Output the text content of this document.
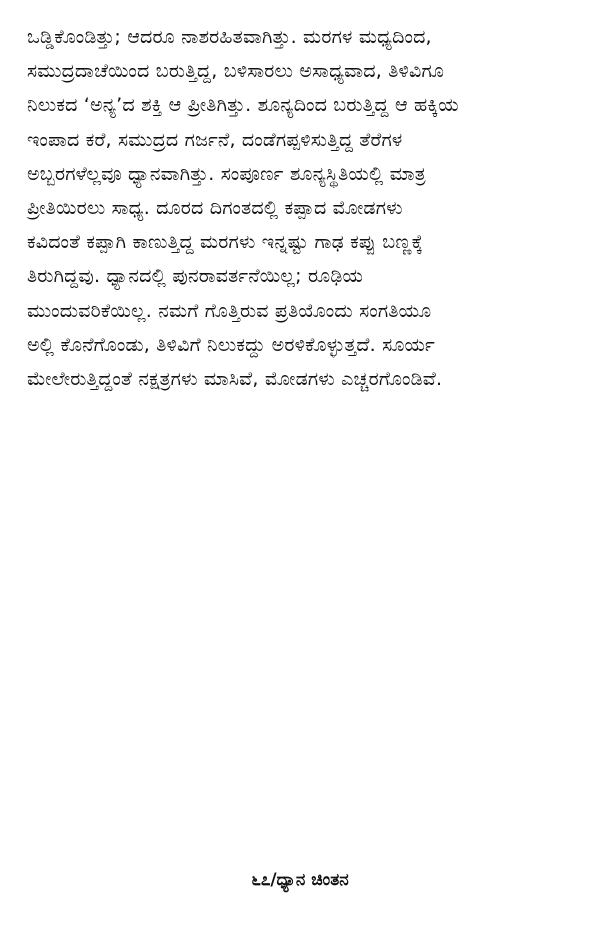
ಒಡ್ಡಿಕೊಂಡಿತ್ತು; ಆದರೂ ನಾಶರಹಿತವಾಗಿತ್ತು. ಮರಗಳ ಮಧ್ಯದಿಂದ,
ಸಮುದ್ರದಾಚೆಯಿಂದ ಬರುತ್ತಿದ್ದ, ಬಳಿಸಾರಲು ಅಸಾಧ್ಯವಾದ, ತಿಳಿವಿಗೂ
ನಿಲುಕದ ‘ಅನ್ಯ’ದ ಶಕ್ತಿ ಆ ಪ್ರೀತಿಗಿತ್ತು. ಶೂನ್ಯದಿಂದ ಬರುತ್ತಿದ್ದ ಆ ಹಕ್ಕಿಯ
ಇಂಪಾದ ಕರೆ, ಸಮುದ್ರದ ಗರ್ಜನೆ, ದಂಡೆಗಪ್ಪಳಿಸುತ್ತಿದ್ದ ತೆರೆಗಳ
ಅಬ್ಬರಗಳೆಲ್ಲವೂ ಧ್ಯಾನವಾಗಿತ್ತು. ಸಂಪೂರ್ಣ ಶೂನ್ಯಸ್ಥಿತಿಯಲ್ಲಿ ಮಾತ್ರ
ಪ್ರೀತಿಯಿರಲು ಸಾಧ್ಯ. ದೂರದ ದಿಗಂತದಲ್ಲಿ ಕಪ್ಪಾದ ಮೋಡಗಳು
ಕವಿದಂತೆ ಕಪ್ಪಾಗಿ ಕಾಣುತ್ತಿದ್ದ ಮರಗಳು ಇನ್ನಷ್ಟು ಗಾಢ ಕಪ್ಪು ಬಣ್ಣಕ್ಕೆ
ತಿರುಗಿದ್ದವು. ಧ್ಯಾನದಲ್ಲಿ ಪುನರಾವರ್ತನೆಯಿಲ್ಲ; ರೂಢಿಯ
ಮುಂದುವರಿಕೆಯಿಲ್ಲ. ನಮಗೆ ಗೊತ್ತಿರುವ ಪ್ರತಿಯೊಂದು ಸಂಗತಿಯೂ
ಅಲ್ಲಿ ಕೊನೆಗೊಂಡು, ತಿಳಿವಿಗೆ ನಿಲುಕದ್ದು ಅರಳಿಕೊಳ್ಳುತ್ತದೆ. ಸೂರ್ಯ
ಮೇಲೇರುತ್ತಿದ್ದಂತೆ ನಕ್ಷತ್ರಗಳು ಮಾಸಿವೆ, ಮೋಡಗಳು ಎಚ್ಚರಗೊಂಡಿವೆ.
೬೭/ಧ್ಯಾನ ಚಿಂತನ
